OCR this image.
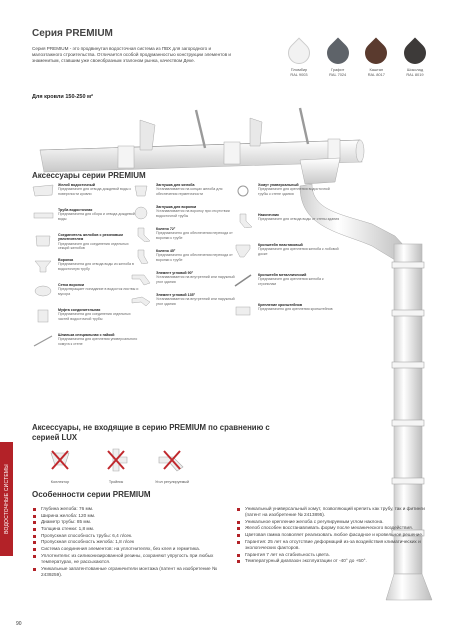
Серия PREMIUM
Серия PREMIUM - это продвинутая водосточная система из ПВХ для загородного и малоэтажного строительства. Отличается особой продуманностью конструкции элементов и знаменитым, ставшим уже своеобразным эталоном рынка, качеством Деке.
Для кровли 150-250 м²
Пломбир
RAL 9003
Графит
RAL 7024
Каштан
RAL 8017
Шоколад
RAL 8019
Аксессуары серии PREMIUM
Желоб водосточный
Предназначен для отвода дождевой воды с поверхности кровли
Труба водосточная
Предназначена для сбора и отвода дождевой воды
Соединитель желобов с резиновым уплотнителем
Предназначен для соединения отдельных секций желобов
Воронка
Предназначена для отвода воды из желоба в водосточную трубу
Сетка воронки
Предотвращает попадание в водосток листвы и мусора
Муфта соединительная
Предназначена для соединения отдельных частей водосточной трубы
Шпилька специальная с гайкой
Предназначена для крепления универсального хомута к стене
Заглушка для желоба
Устанавливается на концах желоба для обеспечения герметичности
Заглушка для воронки
Устанавливается на воронку при отсутствии водосточной трубы
Колено 72°
Предназначено для обеспечения перехода от воронки к трубе
Колено 45°
Предназначено для обеспечения перехода от воронки к трубе
Элемент угловой 90°
Устанавливается на внутренний или наружный угол здания
Элемент угловой 135°
Устанавливается на внутренний или наружный угол здания
Хомут универсальный
Предназначен для крепления водосточной трубы к стене здания
Наконечник
Предназначен для отвода воды от стены здания
Кронштейн пластиковый
Предназначен для крепления желоба к лобовой доске
Кронштейн металлический
Предназначен для крепления желоба к стропилам
Крепление кронштейнов
Предназначено для крепления кронштейнов
ВОДОСТОЧНЫЕ СИСТЕМЫ
Аксессуары, не входящие в серию PREMIUM по сравнению с серией LUX
Коллектор	Тройник	Угол регулируемый
Особенности серии PREMIUM
Глубина желоба: 76 мм.
Ширина желоба: 120 мм.
Диаметр трубы: 85 мм.
Толщина стенки: 1,8 мм.
Пропускная способность трубы: 6,4 л/сек.
Пропускная способность желоба: 1,8 л/сек
Система соединения элементов: на уплотнителях, без клея и герметика.
Уплотнители: из силиконизированной резины, сохраняют упругость при любых температурах, не рассыхаются.
Уникальные запатентованные ограничители монтажа (патент на изобретение № 2439259).
Уникальный универсальный хомут, позволяющий крепить как трубу, так и фитинги (патент на изобретение № 2413895).
Уникальное крепление желоба с регулируемым углом наклона.
Желоб способен восстанавливать форму после механического воздействия.
Цветовая гамма позволяет реализовать любое фасадное и кровельное решение.
Гарантия: 25 лет на отсутствие деформаций из-за воздействия климатических и экологических факторов.
Гарантия 7 лет на стабильность цвета.
Температурный диапазон эксплуатации от -40° до +50°.
90
